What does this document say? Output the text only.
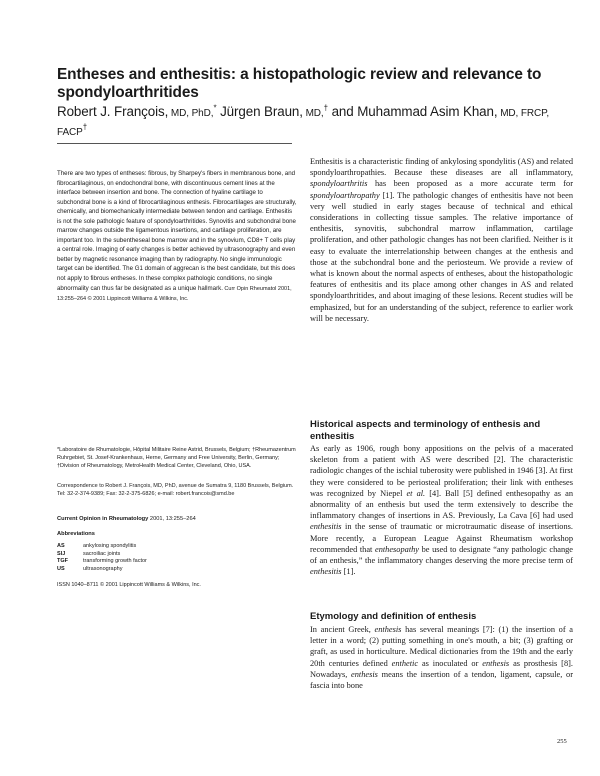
Entheses and enthesitis: a histopathologic review and relevance to spondyloarthritides
Robert J. François, MD, PhD,* Jürgen Braun, MD,† and Muhammad Asim Khan, MD, FRCP, FACP†
There are two types of entheses: fibrous, by Sharpey's fibers in membranous bone, and fibrocartilaginous, on endochondral bone, with discontinuous cement lines at the interface between insertion and bone. The connection of hyaline cartilage to subchondral bone is a kind of fibrocartilaginous enthesis. Fibrocartilages are structurally, chemically, and biomechanically intermediate between tendon and cartilage. Enthesitis is not the sole pathologic feature of spondyloarthritides. Synovitis and subchondral bone marrow changes outside the ligamentous insertions, and cartilage proliferation, are important too. In the subentheseal bone marrow and in the synovium, CD8+ T cells play a central role. Imaging of early changes is better achieved by ultrasonography and even better by magnetic resonance imaging than by radiography. No single immunologic target can be identified. The G1 domain of aggrecan is the best candidate, but this does not apply to fibrous entheses. In these complex pathologic conditions, no single abnormality can thus far be designated as a unique hallmark. Curr Opin Rheumatol 2001, 13:255–264 © 2001 Lippincott Williams & Wilkins, Inc.
*Laboratoire de Rhumatologie, Hôpital Militaire Reine Astrid, Brussels, Belgium; †Rheumazentrum Ruhrgebiet, St. Josef-Krankenhaus, Herne, Germany and Free University, Berlin, Germany; †Division of Rheumatology, MetroHealth Medical Center, Cleveland, Ohio, USA.
Correspondence to Robert J. François, MD, PhD, avenue de Sumatra 9, 1180 Brussels, Belgium. Tel: 32-2-374-9389; Fax: 32-2-375-6826; e-mail: robert.francois@smd.be
Current Opinion in Rheumatology 2001, 13:255–264
Abbreviations
AS	ankylosing spondylitis
SIJ	sacroiliac joints
TGF	transforming growth factor
US	ultrasonography
ISSN 1040–8711 © 2001 Lippincott Williams & Wilkins, Inc.
Enthesitis is a characteristic finding of ankylosing spondylitis (AS) and related spondyloarthropathies. Because these diseases are all inflammatory, spondyloarthritis has been proposed as a more accurate term for spondyloarthropathy [1]. The pathologic changes of enthesitis have not been very well studied in early stages because of technical and ethical considerations in collecting tissue samples. The relative importance of enthesitis, synovitis, subchondral marrow inflammation, cartilage proliferation, and other pathologic changes has not been clarified. Neither is it easy to evaluate the interrelationship between changes at the enthesis and those at the subchondral bone and the periosteum. We provide a review of what is known about the normal aspects of entheses, about the histopathologic features of enthesitis and its place among other changes in AS and related spondyloarthritides, and about imaging of these lesions. Recent studies will be emphasized, but for an understanding of the subject, reference to earlier work will be necessary.
Historical aspects and terminology of enthesis and enthesitis
As early as 1906, rough bony appositions on the pelvis of a macerated skeleton from a patient with AS were described [2]. The characteristic radiologic changes of the ischial tuberosity were published in 1946 [3]. At first they were considered to be periosteal proliferation; their link with entheses was recognized by Niepel et al. [4]. Ball [5] defined enthesopathy as an abnormality of an enthesis but used the term extensively to describe the inflammatory changes of insertions in AS. Previously, La Cava [6] had used enthesitis in the sense of traumatic or microtraumatic disease of insertions. More recently, a European League Against Rheumatism workshop recommended that enthesopathy be used to designate “any pathologic change of an enthesis,” the inflammatory changes deserving the more precise term of enthesitis [1].
Etymology and definition of enthesis
In ancient Greek, enthesis has several meanings [7]: (1) the insertion of a letter in a word; (2) putting something in one's mouth, a bit; (3) grafting or graft, as used in horticulture. Medical dictionaries from the 19th and the early 20th centuries defined enthetic as inoculated or enthesis as prosthesis [8]. Nowadays, enthesis means the insertion of a tendon, ligament, capsule, or fascia into bone
255
